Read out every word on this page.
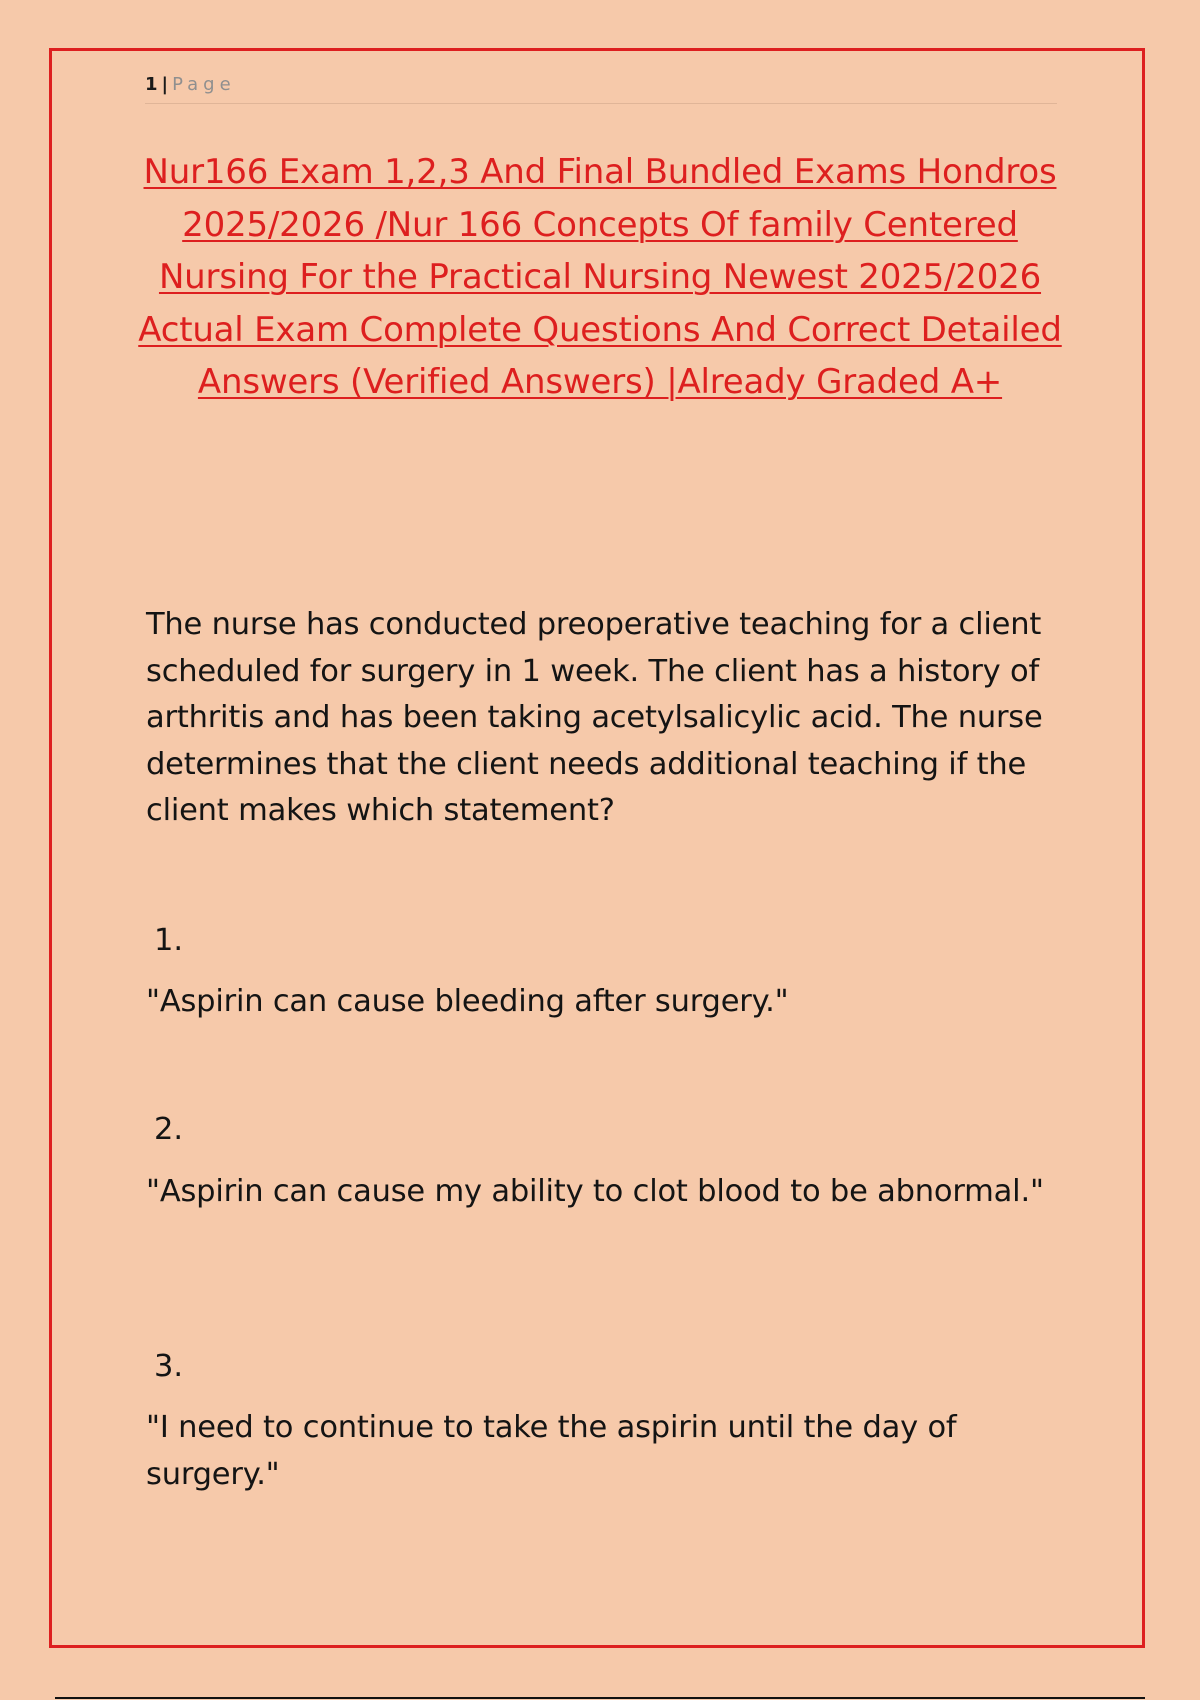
1 | Page
Nur166 Exam 1,2,3 And Final Bundled Exams Hondros 2025/2026 /Nur 166 Concepts Of family Centered Nursing For the Practical Nursing Newest 2025/2026 Actual Exam Complete Questions And Correct Detailed Answers (Verified Answers) |Already Graded A+

The nurse has conducted preoperative teaching for a client scheduled for surgery in 1 week. The client has a history of arthritis and has been taking acetylsalicylic acid. The nurse determines that the client needs additional teaching if the client makes which statement?

1.

"Aspirin can cause bleeding after surgery."

2.

"Aspirin can cause my ability to clot blood to be abnormal."

3.

"I need to continue to take the aspirin until the day of surgery."
